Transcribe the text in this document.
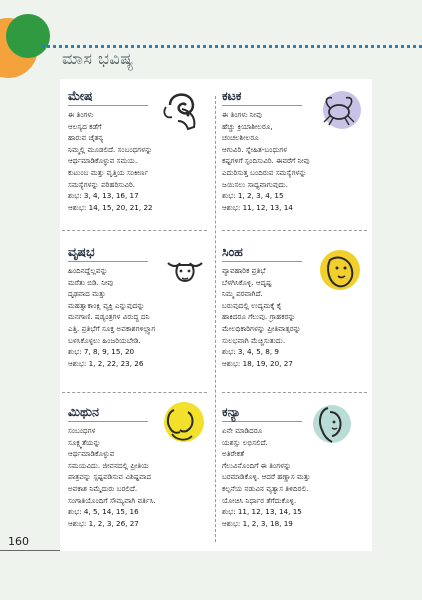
ಮಾಸ ಭವಿಷ್ಯ
ಮೇಷ
ಈ ತಿಂಗಳು
ಆಲಸ್ಯದ ಕಡೆಗೆ
ಹಾರುವ ಚೈತನ್ಯ
ನಿಮ್ಮಲ್ಲಿ ಮೂಡಲಿದೆ. ಸಂಬಂಧಗಳನ್ನು
ಆರ್ಥಮಾಡಿಕೊಳ್ಳುವ ಸಮಯ.
ಕುಟುಂಬ ಮತ್ತು ವೃತ್ತಿಯ ಸಂಕೀರ್ಣ
ಸಮಸ್ಯೆಗಳನ್ನು ಪರಿಹರಿಸುವಿರಿ.
ಶುಭ: 3, 4, 13, 16, 17
ಆಶುಭ: 14, 15, 20, 21, 22
ಕಟಕ
ಈ ತಿಂಗಳು ನೀವು
ಹೆಚ್ಚು ಕ್ರಿಯಾಶೀಲರೂ,
ಚಂಚಲಶೀಲರೂ
ಆಗುವಿರಿ. ಸ್ನೇಹಿತ-ಬಂಧುಗಳ
ಕಷ್ಟಗಳಿಗೆ ಸ್ಪಂದಿಸುವಿರಿ. ಈವರೆಗೆ ನೀವು
ಎದುರಿಸುತ್ತ ಬಂದಿರುವ ಸಮಸ್ಯೆಗಳನ್ನು
ಜಯಿಸಲು ಸಾಧ್ಯವಾಗುವುದು.
ಶುಭ: 1, 2, 3, 4, 15
ಆಶುಭ: 11, 12, 13, 14
ವೃಷಭ
ಹಿಂದಿನದ್ದೆಲ್ಲವನ್ನು
ಮರೆತು ಬಿಡಿ. ನೀವು
ದೃಢವಾದ ಮತ್ತು
ಮಹತ್ವಾಕಾಂಕ್ಷಿ ವ್ಯಕ್ತಿ ಎನ್ನುವುದನ್ನು
ಮನಗಾಣಿ. ಷಡ್ಯಂತ್ರಗಳ ವಿರುದ್ಧ ದನಿ
ಎತ್ತಿ. ಪ್ರತಿಭೆಗೆ ಸೂಕ್ತ ಅವಕಾಶಗಳಿಲ್ಲ್ವಾಗ
ಬಳಸಿಕೊಳ್ಳಲು ಹಿಂಜರಿಯಬೇಡಿ.
ಶುಭ: 7, 8, 9, 15, 20
ಆಶುಭ: 1, 2, 22, 23, 26
ಸಿಂಹ
ವ್ಯಾವಹಾರಿಕ ಪ್ರತಿಭೆ
ಬೆಳಗಿಸಿಕೊಳ್ಳಿ. ಆದೃಷ್ಟ
ನಿಮ್ಮ ಪರವಾಗಿದೆ.
ಬರುವುದಲ್ಲಿ ಉದ್ಯಮಕ್ಕೆ ಕೈ
ಹಾಕಿದರೂ ಗೆಲುವು. ಗ್ರಾಹಕರನ್ನು
ಮೇಲಧಿಕಾರಿಗಳನ್ನು ಪ್ರೀತಿವಾತ್ಸರನ್ನು
ಸುಲಭವಾಗಿ ಮೆಚ್ಚಿಸುತುದು.
ಶುಭ: 3, 4, 5, 8, 9
ಆಶುಭ: 18, 19, 20, 27
ಮಿಥುನ
ಸಂಬಂಧಗಳ
ಸೂಕ್ಷ್ಮತೆಯನ್ನು
ಆರ್ಥಮಾಡಿಕೊಳ್ಳುವ
ಸಮಯವಿದು. ಜೀವನದಲ್ಲಿ ಪ್ರೀತಿಯ
ಪಾತ್ರವನ್ನು ಸ್ಪಷ್ಟಪಡಿಸುವ ವಿಶಿಷ್ಟವಾದ
ಅವಕಾಶ ನಿಮ್ಮೆದುರು ಬರಲಿದೆ.
ಸಂಗಾತಿಯೊಂದಿಗೆ ಸೌಮ್ಯವಾಗಿ ವರ್ತಿಸಿ.
ಶುಭ: 4, 5, 14, 15, 16
ಆಶುಭ: 1, 2, 3, 26, 27
ಕನ್ಯಾ
ಏನೇ ಮಾಡಿದರೂ
ಯಶಸ್ಸು ಲಭಿಸಲಿದೆ.
ಅತಿರೇಕತೆ
ಗೆಲುವಿನೊಂದಿಗೆ ಈ ತಿಂಗಳನ್ನು
ಬರಮಾಡಿಕೊಳ್ಳಿ. ಆದರೆ ಹಣ್ಣಾಸ ಮತ್ತು
ಕಲ್ಪನೆಯ ನಡುವಿನ ವ್ಯತ್ಯಾಸ ತಿಳಿದಿರಲಿ.
ಯೋಚಿಸಿ ನಿರ್ಧಾರ ತೆಗೆದುಕೊಳ್ಳಿ.
ಶುಭ: 11, 12, 13, 14, 15
ಆಶುಭ: 1, 2, 3, 18, 19
160
